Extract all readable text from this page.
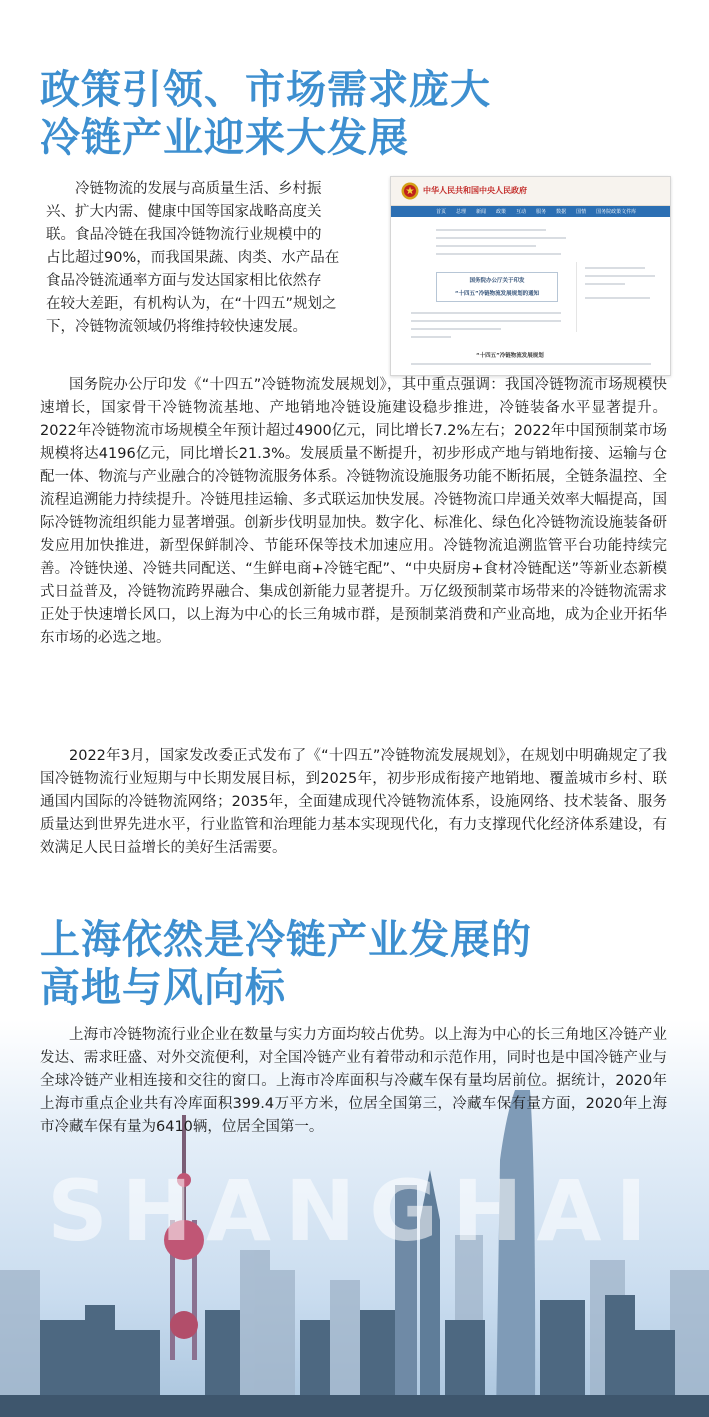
SHANGHAI
政策引领、市场需求庞大
冷链产业迎来大发展
冷链物流的发展与高质量生活、乡村振
兴、扩大内需、健康中国等国家战略高度关
联。食品冷链在我国冷链物流行业规模中的
占比超过90%，而我国果蔬、肉类、水产品在
食品冷链流通率方面与发达国家相比依然存
在较大差距，有机构认为，在“十四五”规划之
下，冷链物流领域仍将维持较快速发展。
中华人民共和国中央人民政府
首页	总理	新闻	政策	互动	服务	数据	国情	国务院政策文件库
国务院办公厅关于印发
“十四五”冷链物流发展规划的通知
“十四五”冷链物流发展规划

国务院办公厅印发《“十四五”冷链物流发展规划》，其中重点强调：我国冷链物流市场规模快速增长，国家骨干冷链物流基地、产地销地冷链设施建设稳步推进，冷链装备水平显著提升。2022年冷链物流市场规模全年预计超过4900亿元，同比增长7.2%左右；2022年中国预制菜市场规模将达4196亿元，同比增长21.3%。发展质量不断提升，初步形成产地与销地衔接、运输与仓配一体、物流与产业融合的冷链物流服务体系。冷链物流设施服务功能不断拓展，全链条温控、全流程追溯能力持续提升。冷链甩挂运输、多式联运加快发展。冷链物流口岸通关效率大幅提高，国际冷链物流组织能力显著增强。创新步伐明显加快。数字化、标准化、绿色化冷链物流设施装备研发应用加快推进，新型保鲜制冷、节能环保等技术加速应用。冷链物流追溯监管平台功能持续完善。冷链快递、冷链共同配送、“生鲜电商+冷链宅配”、“中央厨房+食材冷链配送”等新业态新模式日益普及，冷链物流跨界融合、集成创新能力显著提升。万亿级预制菜市场带来的冷链物流需求正处于快速增长风口，以上海为中心的长三角城市群，是预制菜消费和产业高地，成为企业开拓华东市场的必选之地。

2022年3月，国家发改委正式发布了《“十四五”冷链物流发展规划》，在规划中明确规定了我国冷链物流行业短期与中长期发展目标，到2025年，初步形成衔接产地销地、覆盖城市乡村、联通国内国际的冷链物流网络；2035年，全面建成现代冷链物流体系，设施网络、技术装备、服务质量达到世界先进水平，行业监管和治理能力基本实现现代化，有力支撑现代化经济体系建设，有效满足人民日益增长的美好生活需要。

上海依然是冷链产业发展的
高地与风向标

上海市冷链物流行业企业在数量与实力方面均较占优势。以上海为中心的长三角地区冷链产业发达、需求旺盛、对外交流便利，对全国冷链产业有着带动和示范作用，同时也是中国冷链产业与全球冷链产业相连接和交往的窗口。上海市冷库面积与冷藏车保有量均居前位。据统计，2020年上海市重点企业共有冷库面积399.4万平方米，位居全国第三，冷藏车保有量方面，2020年上海市冷藏车保有量为6410辆，位居全国第一。
